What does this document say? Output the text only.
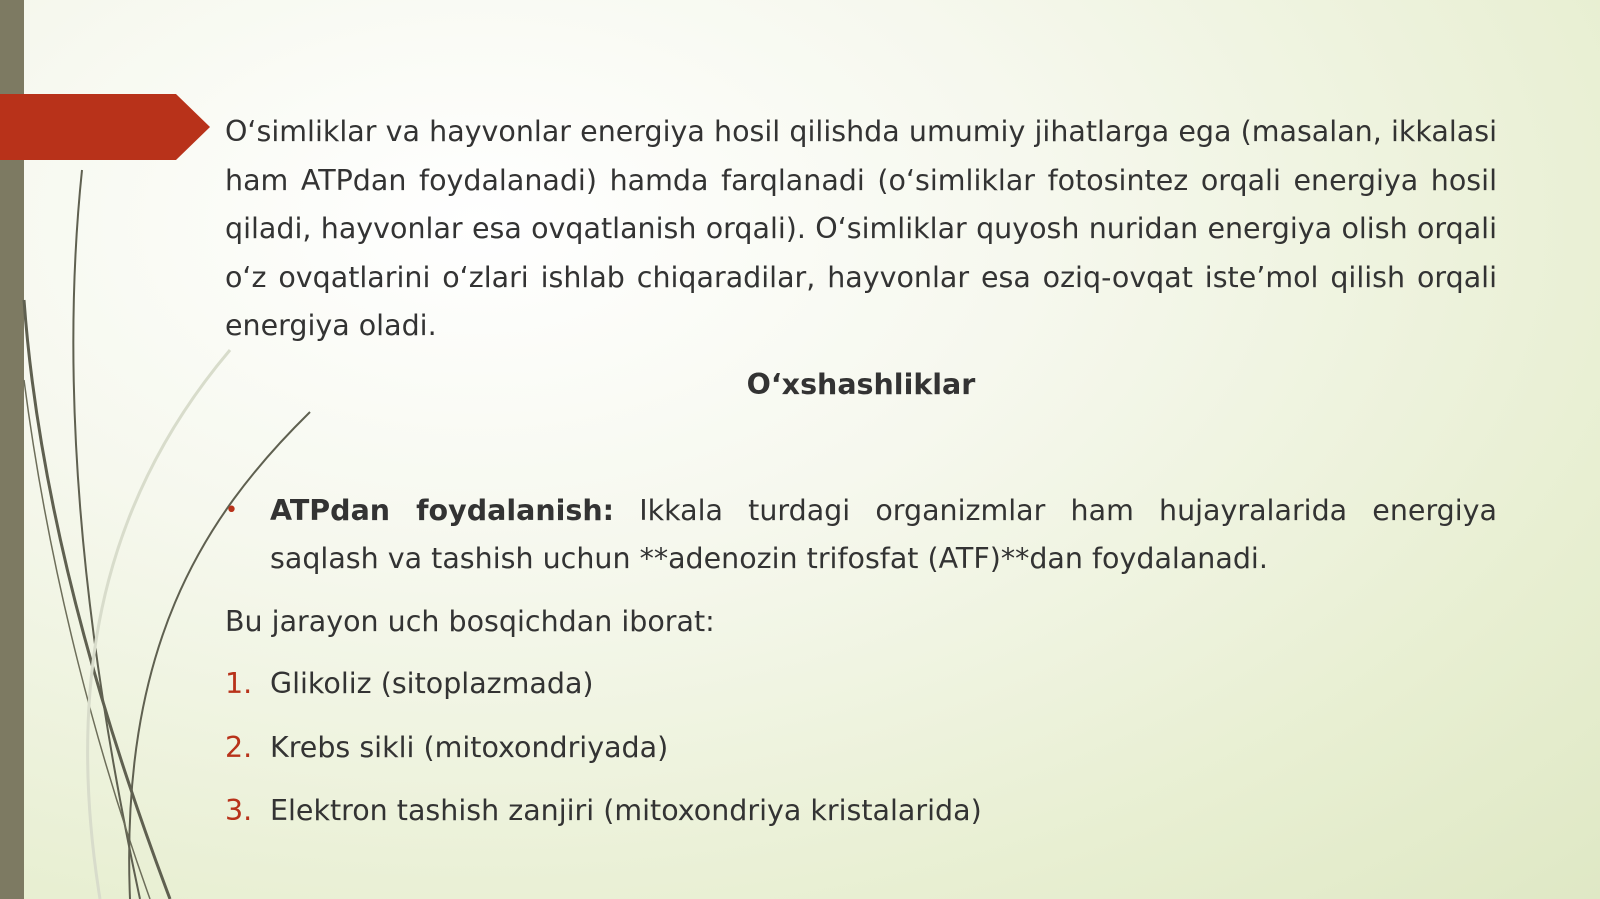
O‘simliklar va hayvonlar energiya hosil qilishda umumiy jihatlarga ega (masalan, ikkalasi ham ATPdan foydalanadi) hamda farqlanadi (o‘simliklar fotosintez orqali energiya hosil qiladi, hayvonlar esa ovqatlanish orqali). O‘simliklar quyosh nuridan energiya olish orqali o‘z ovqatlarini o‘zlari ishlab chiqaradilar, hayvonlar esa oziq-ovqat iste’mol qilish orqali energiya oladi.

O‘xshashliklar
• ATPdan foydalanish: Ikkala turdagi organizmlar ham hujayralarida energiya saqlash va tashish uchun **adenozin trifosfat (ATF)**dan foydalanadi.

Bu jarayon uch bosqichdan iborat:

1. Glikoliz (sitoplazmada)
2. Krebs sikli (mitoxondriyada)
3. Elektron tashish zanjiri (mitoxondriya kristalarida)
